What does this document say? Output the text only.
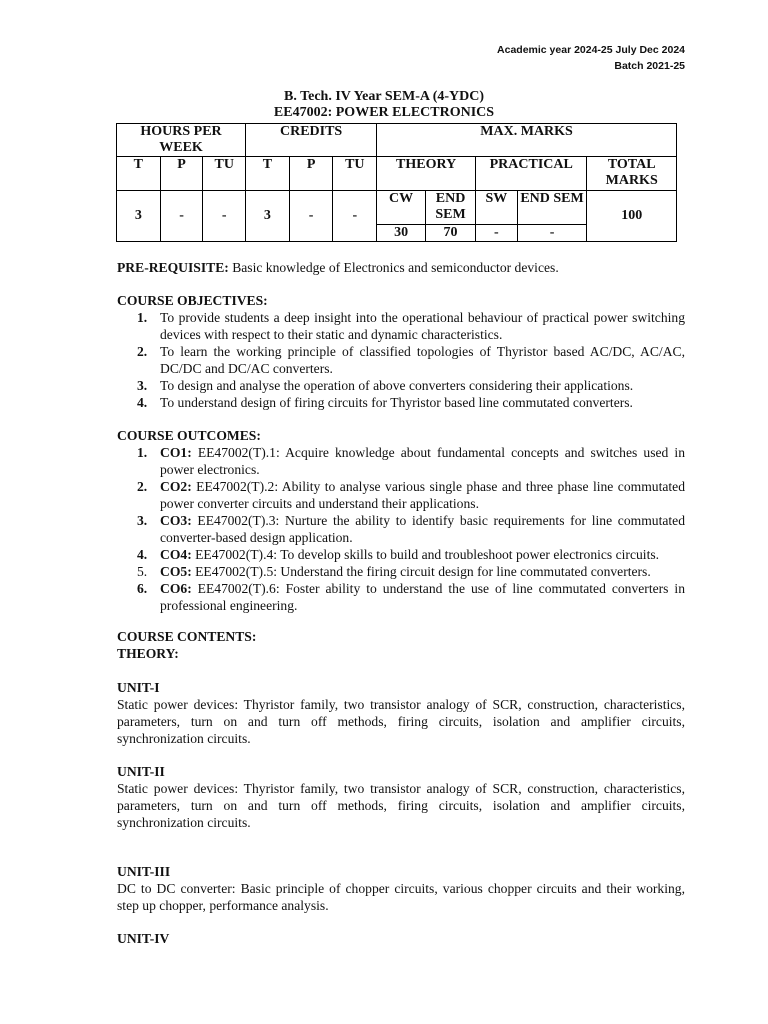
Academic year 2024-25 July Dec 2024
Batch 2021-25
B. Tech. IV Year SEM-A (4-YDC)
EE47002: POWER ELECTRONICS
HOURS PER WEEK			CREDITS			MAX. MARKS				
T	P	TU	T	P	TU	THEORY		PRACTICAL		TOTAL MARKS
3	-	-	3	-	-	CW	END SEM	SW	END SEM	100
						30	70	-	-	
PRE-REQUISITE: Basic knowledge of Electronics and semiconductor devices.
COURSE OBJECTIVES:
1. To provide students a deep insight into the operational behaviour of practical power switching devices with respect to their static and dynamic characteristics.
2. To learn the working principle of classified topologies of Thyristor based AC/DC, AC/AC, DC/DC and DC/AC converters.
3. To design and analyse the operation of above converters considering their applications.
4. To understand design of firing circuits for Thyristor based line commutated converters.
COURSE OUTCOMES:
1. CO1: EE47002(T).1: Acquire knowledge about fundamental concepts and switches used in power electronics.
2. CO2: EE47002(T).2: Ability to analyse various single phase and three phase line commutated power converter circuits and understand their applications.
3. CO3: EE47002(T).3: Nurture the ability to identify basic requirements for line commutated converter-based design application.
4. CO4: EE47002(T).4: To develop skills to build and troubleshoot power electronics circuits.
5. CO5: EE47002(T).5: Understand the firing circuit design for line commutated converters.
6. CO6: EE47002(T).6: Foster ability to understand the use of line commutated converters in professional engineering.
COURSE CONTENTS:
THEORY:
UNIT-I
Static power devices: Thyristor family, two transistor analogy of SCR, construction, characteristics, parameters, turn on and turn off methods, firing circuits, isolation and amplifier circuits, synchronization circuits.
UNIT-II
Static power devices: Thyristor family, two transistor analogy of SCR, construction, characteristics, parameters, turn on and turn off methods, firing circuits, isolation and amplifier circuits, synchronization circuits.
UNIT-III
DC to DC converter: Basic principle of chopper circuits, various chopper circuits and their working, step up chopper, performance analysis.
UNIT-IV
